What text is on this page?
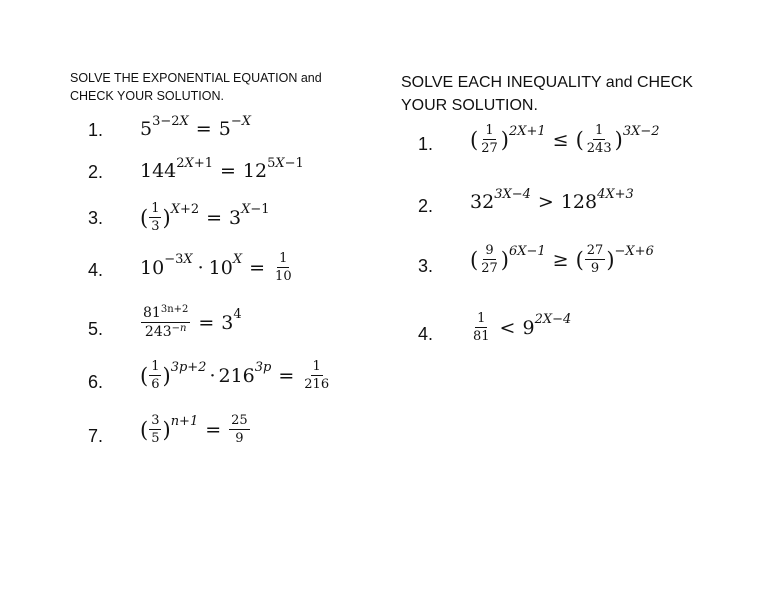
SOLVE THE EXPONENTIAL EQUATION and
CHECK YOUR SOLUTION.
1. 5 $^{3-2X}$ = 5 $^{-X}$
2. 144 $^{2X+1}$ = 12 $^{5X-1}$
3. ( $\frac{1}{3}$ ) $^{X+2}$ = 3 $^{X-1}$
4. 10 $^{-3X}$ · 10 $^X = \frac{1}{10}$
5.	$\frac{81^{3n+2}}{243^{-n}} = 3$ $^4$
6. ( $\frac{1}{6}$ ) $^{3p+2}$ · 216 $^{3p} = \frac{1}{216}$
7. ( $\frac{3}{5}$ ) $^{n+1} = \frac{25}{9}$
SOLVE EACH INEQUALITY and CHECK
YOUR SOLUTION.
1. ( $\frac{1}{27}$ ) $^{2X+1}$ ≤ ( $\frac{1}{243}$ ) $^{3X-2}$
2. 32 $^{3X-4}$ > 128 $^{4X+3}$
3. ( $\frac{9}{27}$ ) $^{6X-1}$ ≥ ( $\frac{27}{9}$ ) $^{-X+6}$
4.	$\frac{1}{81} < 9$ $^{2X-4}$
